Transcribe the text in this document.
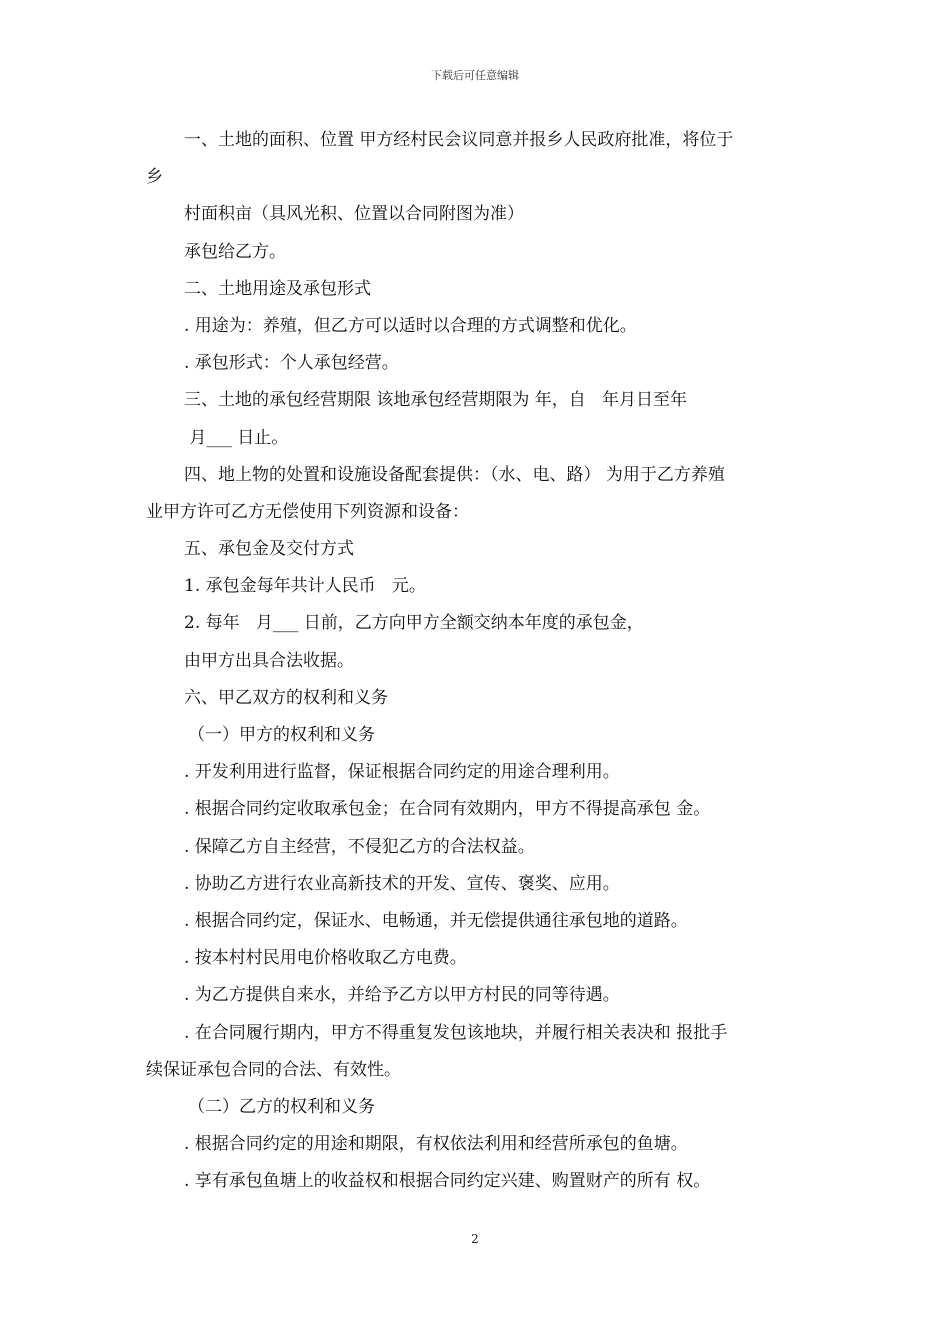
下载后可任意编辑
一、土地的面积、位置 甲方经村民会议同意并报乡人民政府批准，将位于
乡
村面积亩（具风光积、位置以合同附图为准）
承包给乙方。
二、土地用途及承包形式
. 用途为：养殖，但乙方可以适时以合理的方式调整和优化。
. 承包形式：个人承包经营。
三、土地的承包经营期限 该地承包经营期限为 年，自   年月日至年
月___ 日止。
四、地上物的处置和设施设备配套提供：（水、电、路） 为用于乙方养殖
业甲方许可乙方无偿使用下列资源和设备：
五、承包金及交付方式
1. 承包金每年共计人民币   元。
2. 每年   月___ 日前，乙方向甲方全额交纳本年度的承包金，
由甲方出具合法收据。
六、甲乙双方的权利和义务
（一）甲方的权利和义务
. 开发利用进行监督，保证根据合同约定的用途合理利用。
. 根据合同约定收取承包金；在合同有效期内，甲方不得提高承包 金。
. 保障乙方自主经营，不侵犯乙方的合法权益。
. 协助乙方进行农业高新技术的开发、宣传、褒奖、应用。
. 根据合同约定，保证水、电畅通，并无偿提供通往承包地的道路。
. 按本村村民用电价格收取乙方电费。
. 为乙方提供自来水，并给予乙方以甲方村民的同等待遇。
. 在合同履行期内，甲方不得重复发包该地块，并履行相关表决和 报批手
续保证承包合同的合法、有效性。
（二）乙方的权利和义务
. 根据合同约定的用途和期限，有权依法利用和经营所承包的鱼塘。
. 享有承包鱼塘上的收益权和根据合同约定兴建、购置财产的所有 权。
2
